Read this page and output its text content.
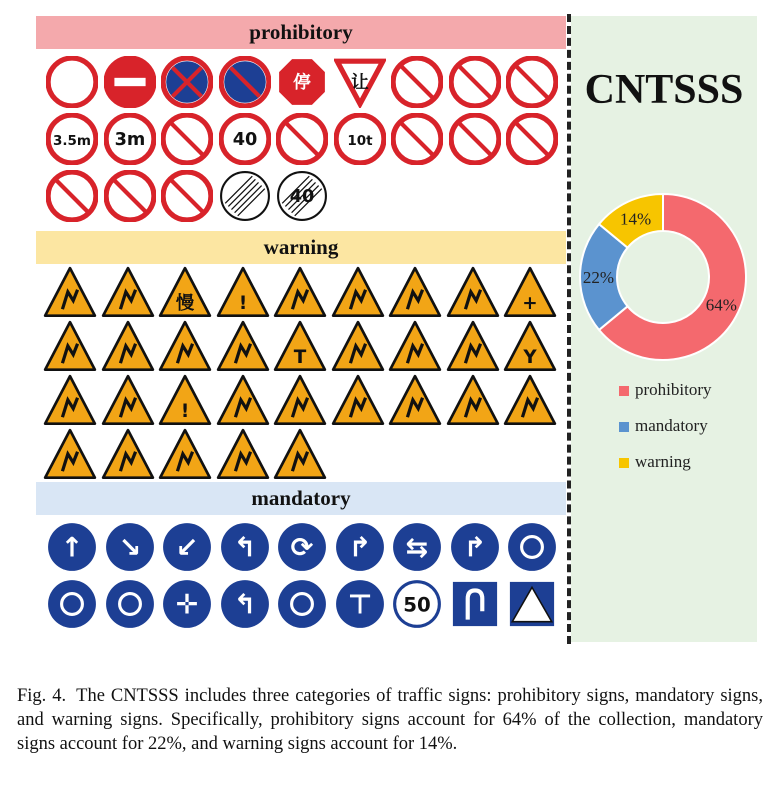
prohibitory
停 让
3.5m 3m	40	10t
40
warning
慢	!	+
T	Y
!
mandatory
↑ ↘ ↙ ↰ ⟳ ↱ ⇆ ↱
✛ ↰	⊤ 50
CNTSSS
64%
22%
14%
prohibitory
mandatory
warning
Fig. 4. The CNTSSS includes three categories of traffic signs: prohibitory signs, mandatory signs, and warning signs. Specifically, prohibitory signs account for 64% of the collection, mandatory signs account for 22%, and warning signs account for 14%.
